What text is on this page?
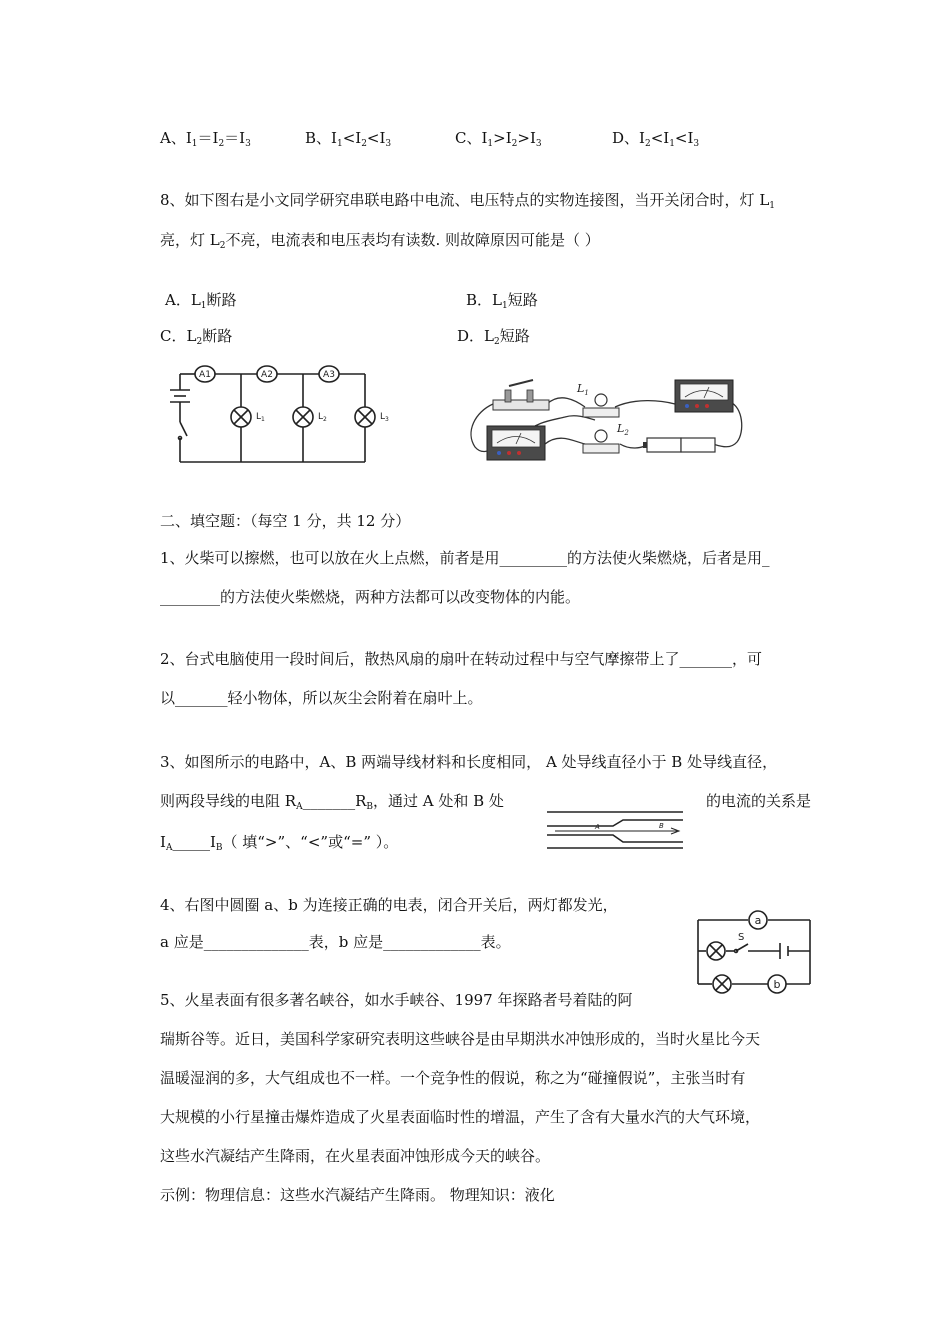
A、$I_1=I_2=I_3$	B、$I_1<I_2<I_3$	C、$I_1>I_2>I_3$	D、$I_2<I_1<I_3$
8、如下图右是小文同学研究串联电路中电流、电压特点的实物连接图，当开关闭合时，灯 $L_1$
亮，灯 $L_2$不亮，电流表和电压表均有读数. 则故障原因可能是（ ）
A．$L_1$断路	B．$L_1$短路
C．$L_2$断路	D．$L_2$短路
A1	A2	A3
$L_1$	$L_2$	$L_3$
$L_1$
$L_2$
二、填空题：（每空 1 分，共 12 分）
1、火柴可以擦燃，也可以放在火上点燃，前者是用_________的方法使火柴燃烧，后者是用_
________的方法使火柴燃烧，两种方法都可以改变物体的内能。
2、台式电脑使用一段时间后，散热风扇的扇叶在转动过程中与空气摩擦带上了_______，可
以_______轻小物体，所以灰尘会附着在扇叶上。
3、如图所示的电路中，A、B 两端导线材料和长度相同， A 处导线直径小于 B 处导线直径，
则两段导线的电阻 $R_A\_\_\_\_\_\_\_R_B$，通过 A 处和 B 处	的电流的关系是
$I_A\_\_\_\_\_I_B$（ 填“>”、“<”或“=” ）。
A	B
4、右图中圆圈 a、b 为连接正确的电表，闭合开关后，两灯都发光，
a 应是______________表，b 应是_____________表。
a
S
b
5、火星表面有很多著名峡谷，如水手峡谷、1997 年探路者号着陆的阿
瑞斯谷等。近日，美国科学家研究表明这些峡谷是由早期洪水冲蚀形成的，当时火星比今天
温暖湿润的多，大气组成也不一样。一个竞争性的假说，称之为“碰撞假说”，主张当时有
大规模的小行星撞击爆炸造成了火星表面临时性的增温，产生了含有大量水汽的大气环境，
这些水汽凝结产生降雨，在火星表面冲蚀形成今天的峡谷。
示例：物理信息：这些水汽凝结产生降雨。 物理知识：液化
